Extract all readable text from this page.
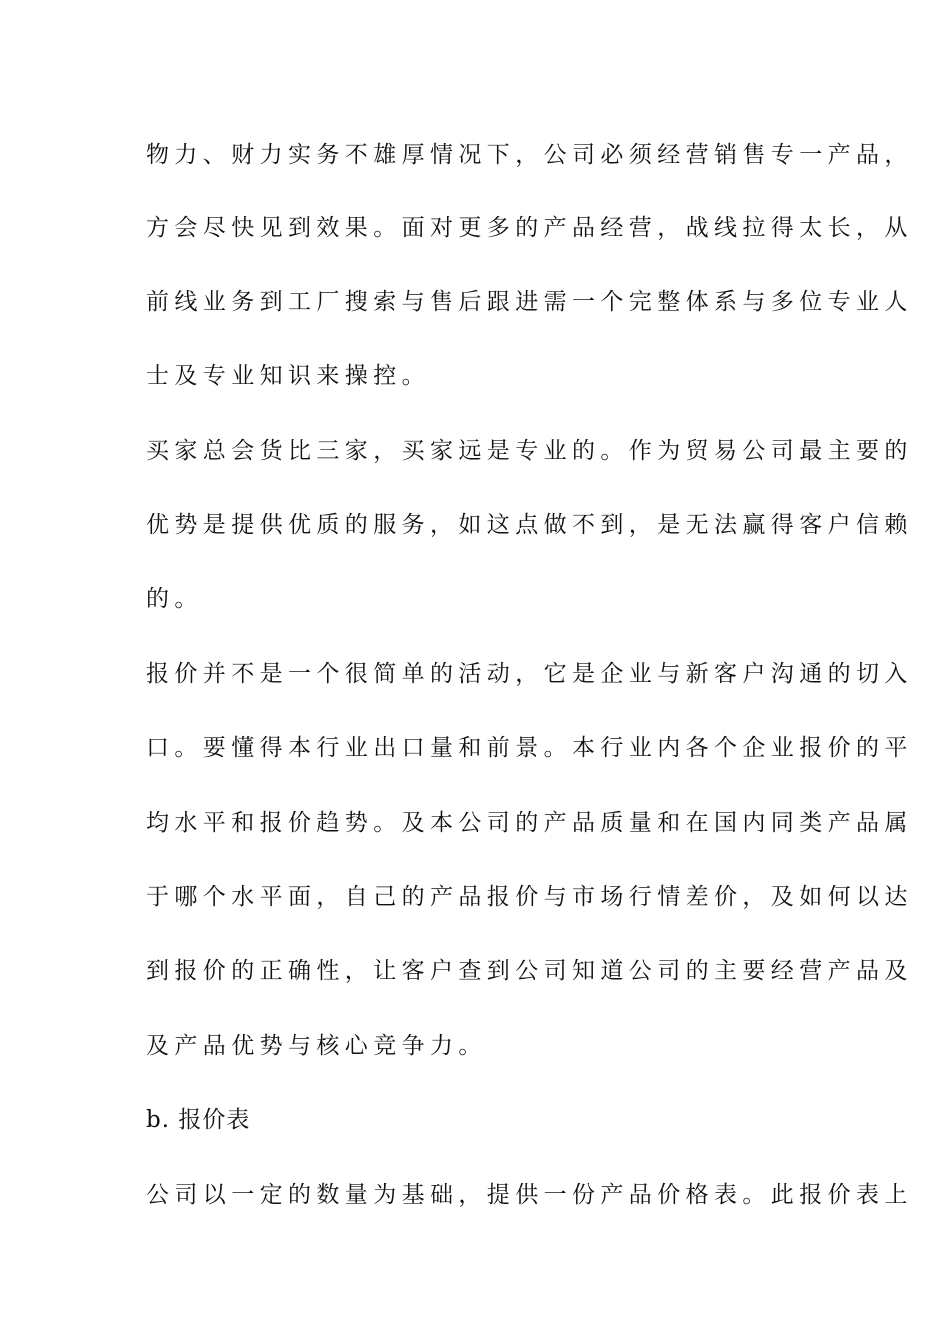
物力、财力实务不雄厚情况下，公司必须经营销售专一产品，
方会尽快见到效果。面对更多的产品经营，战线拉得太长，从
前线业务到工厂搜索与售后跟进需一个完整体系与多位专业人
士及专业知识来操控。
买家总会货比三家，买家远是专业的。作为贸易公司最主要的
优势是提供优质的服务，如这点做不到，是无法赢得客户信赖
的。
报价并不是一个很简单的活动，它是企业与新客户沟通的切入
口。要懂得本行业出口量和前景。本行业内各个企业报价的平
均水平和报价趋势。及本公司的产品质量和在国内同类产品属
于哪个水平面，自己的产品报价与市场行情差价，及如何以达
到报价的正确性，让客户查到公司知道公司的主要经营产品及
及产品优势与核心竞争力。
b. 报价表
公司以一定的数量为基础，提供一份产品价格表。此报价表上
